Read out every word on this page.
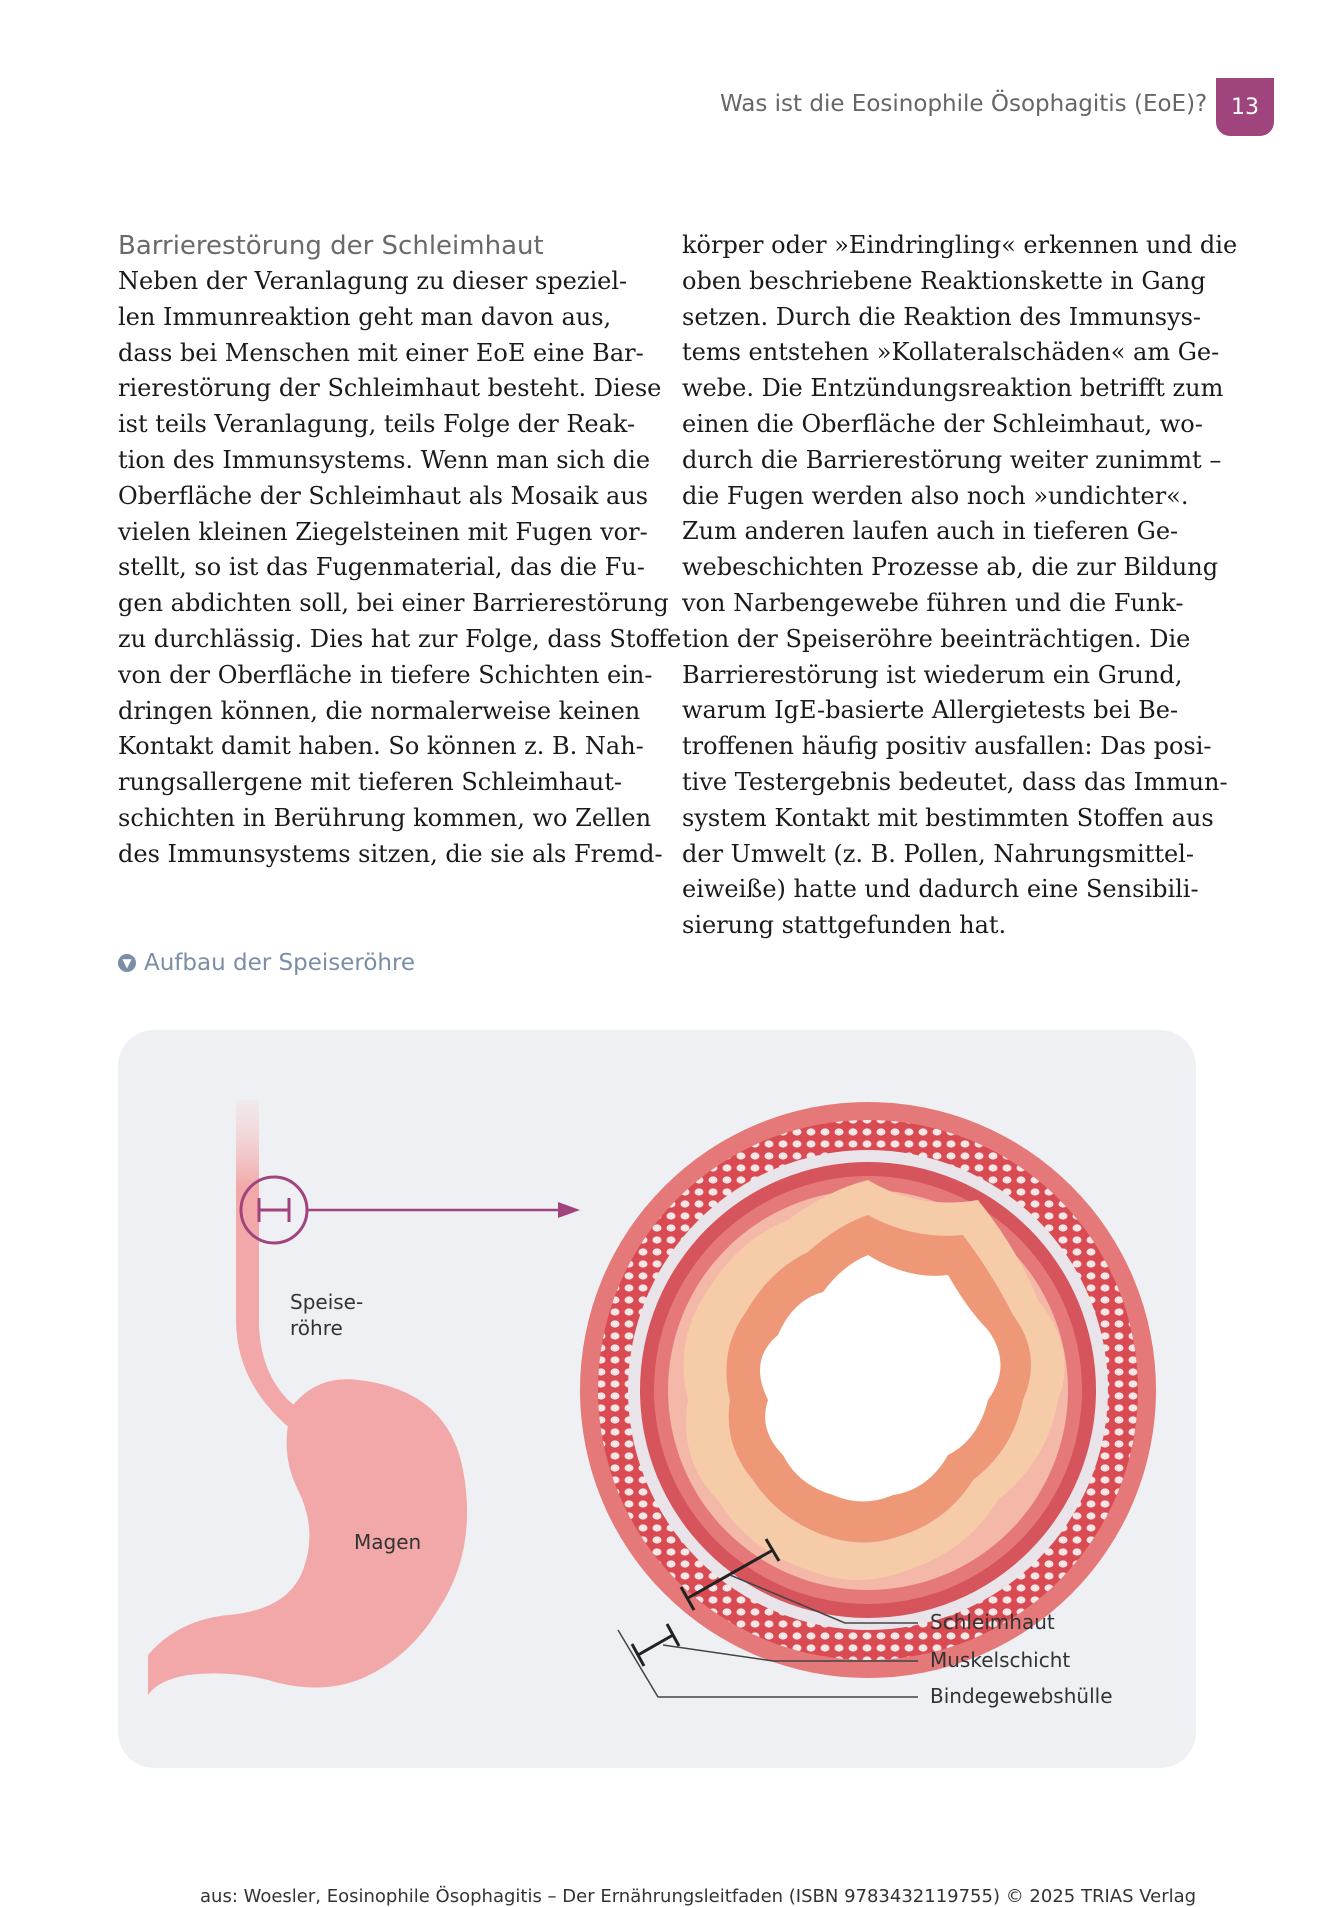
Was ist die Eosinophile Ösophagitis (EoE)?	13
Barrierestörung der Schleimhaut
Neben der Veranlagung zu dieser speziel-
len Immunreaktion geht man davon aus,
dass bei Menschen mit einer EoE eine Bar-
rierestörung der Schleimhaut besteht. Diese
ist teils Veranlagung, teils Folge der Reak-
tion des Immunsystems. Wenn man sich die
Oberfläche der Schleimhaut als Mosaik aus
vielen kleinen Ziegelsteinen mit Fugen vor-
stellt, so ist das Fugenmaterial, das die Fu-
gen abdichten soll, bei einer Barrierestörung
zu durchlässig. Dies hat zur Folge, dass Stoffe
von der Oberfläche in tiefere Schichten ein-
dringen können, die normalerweise keinen
Kontakt damit haben. So können z. B. Nah-
rungsallergene mit tieferen Schleimhaut-
schichten in Berührung kommen, wo Zellen
des Immunsystems sitzen, die sie als Fremd-
körper oder »Eindringling« erkennen und die
oben beschriebene Reaktionskette in Gang
setzen. Durch die Reaktion des Immunsys-
tems entstehen »Kollateralschäden« am Ge-
webe. Die Entzündungsreaktion betrifft zum
einen die Oberfläche der Schleimhaut, wo-
durch die Barrierestörung weiter zunimmt –
die Fugen werden also noch »undichter«.
Zum anderen laufen auch in tieferen Ge-
webeschichten Prozesse ab, die zur Bildung
von Narbengewebe führen und die Funk-
tion der Speiseröhre beeinträchtigen. Die
Barrierestörung ist wiederum ein Grund,
warum IgE-basierte Allergietests bei Be-
troffenen häufig positiv ausfallen: Das posi-
tive Testergebnis bedeutet, dass das Immun-
system Kontakt mit bestimmten Stoffen aus
der Umwelt (z. B. Pollen, Nahrungsmittel-
eiweiße) hatte und dadurch eine Sensibili-
sierung stattgefunden hat.
▼ Aufbau der Speiseröhre
Speise-
röhre
Magen
Schleimhaut
Muskelschicht
Bindegewebshülle
aus: Woesler, Eosinophile Ösophagitis – Der Ernährungsleitfaden (ISBN 9783432119755) © 2025 TRIAS Verlag
